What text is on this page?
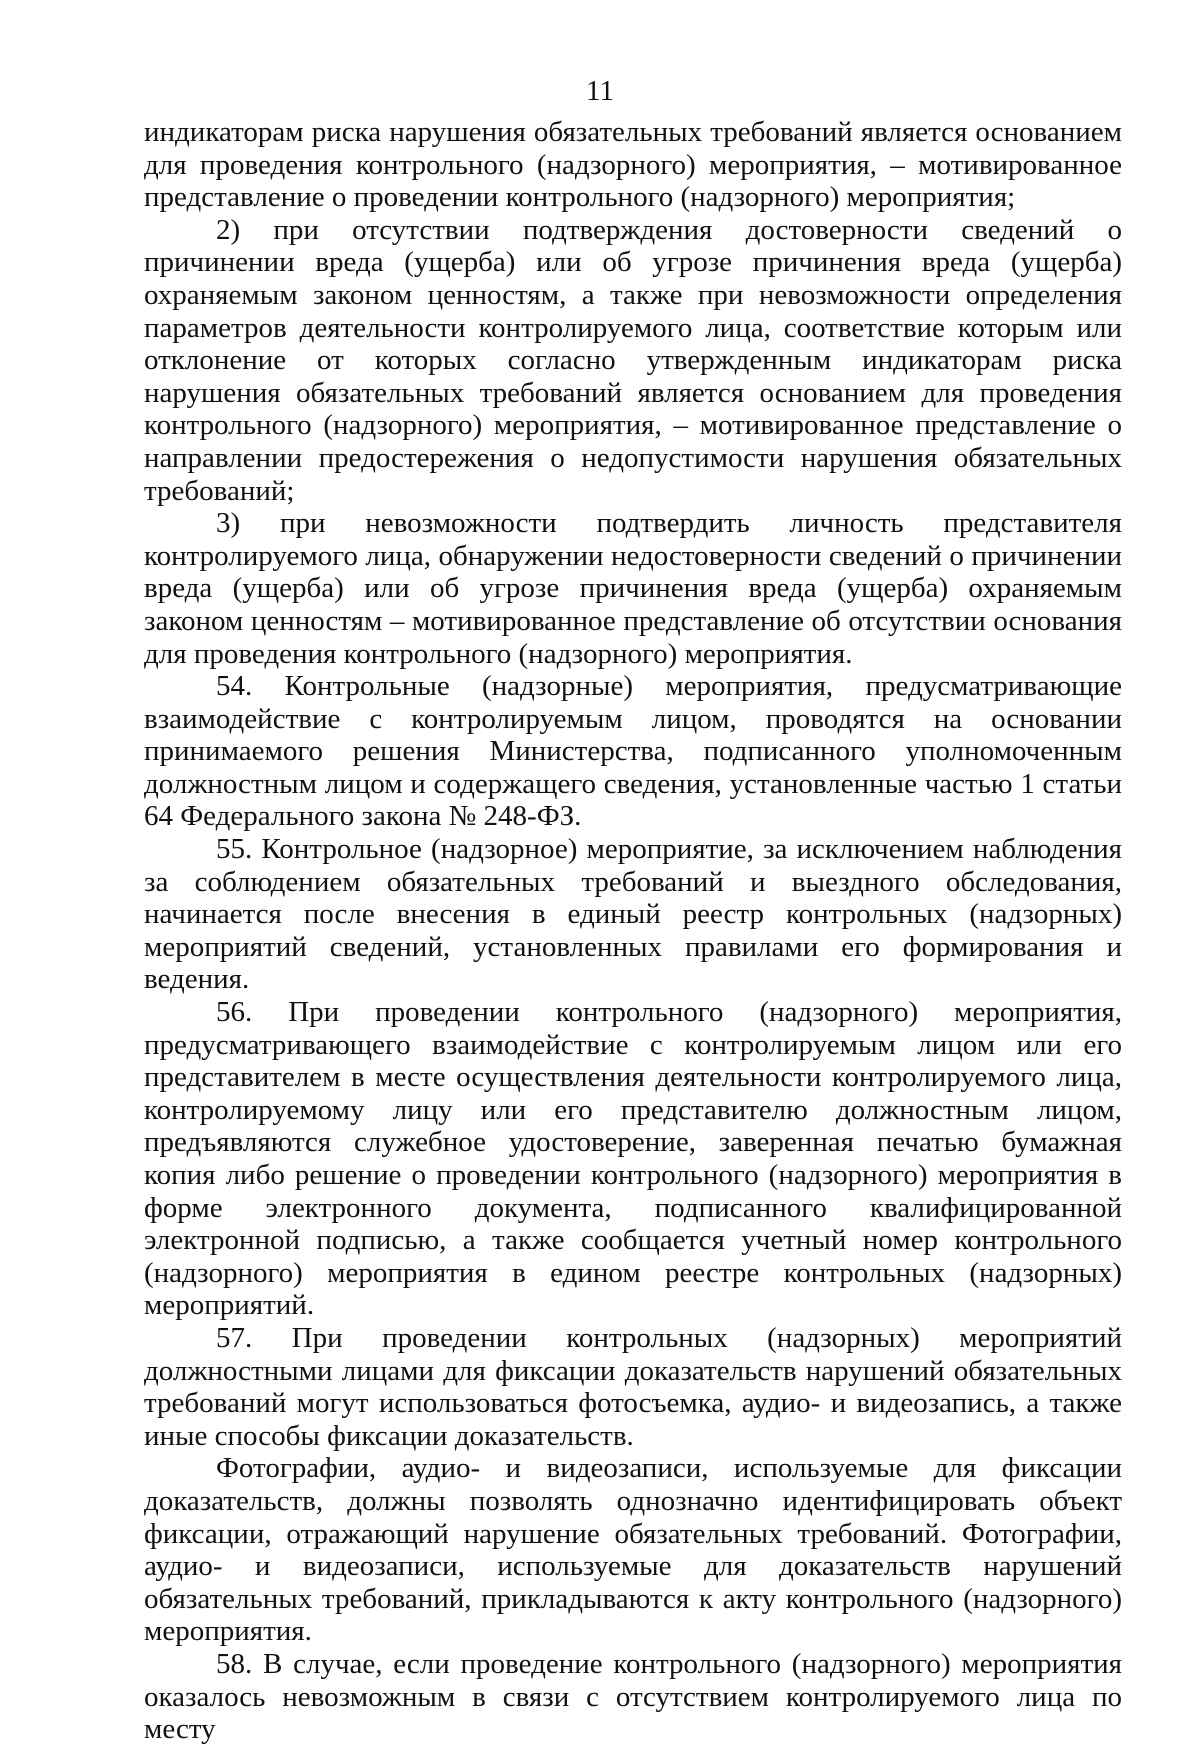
11

индикаторам риска нарушения обязательных требований является основанием для проведения контрольного (надзорного) мероприятия, – мотивированное представление о проведении контрольного (надзорного) мероприятия;

2) при отсутствии подтверждения достоверности сведений о причинении вреда (ущерба) или об угрозе причинения вреда (ущерба) охраняемым законом ценностям, а также при невозможности определения параметров деятельности контролируемого лица, соответствие которым или отклонение от которых согласно утвержденным индикаторам риска нарушения обязательных требований является основанием для проведения контрольного (надзорного) мероприятия, – мотивированное представление о направлении предостережения о недопустимости нарушения обязательных требований;

3) при невозможности подтвердить личность представителя контролируемого лица, обнаружении недостоверности сведений о причинении вреда (ущерба) или об угрозе причинения вреда (ущерба) охраняемым законом ценностям – мотивированное представление об отсутствии основания для проведения контрольного (надзорного) мероприятия.

54. Контрольные (надзорные) мероприятия, предусматривающие взаимодействие с контролируемым лицом, проводятся на основании принимаемого решения Министерства, подписанного уполномоченным должностным лицом и содержащего сведения, установленные частью 1 статьи 64 Федерального закона № 248-ФЗ.

55. Контрольное (надзорное) мероприятие, за исключением наблюдения за соблюдением обязательных требований и выездного обследования, начинается после внесения в единый реестр контрольных (надзорных) мероприятий сведений, установленных правилами его формирования и ведения.

56. При проведении контрольного (надзорного) мероприятия, предусматривающего взаимодействие с контролируемым лицом или его представителем в месте осуществления деятельности контролируемого лица, контролируемому лицу или его представителю должностным лицом, предъявляются служебное удостоверение, заверенная печатью бумажная копия либо решение о проведении контрольного (надзорного) мероприятия в форме электронного документа, подписанного квалифицированной электронной подписью, а также сообщается учетный номер контрольного (надзорного) мероприятия в едином реестре контрольных (надзорных) мероприятий.

57. При проведении контрольных (надзорных) мероприятий должностными лицами для фиксации доказательств нарушений обязательных требований могут использоваться фотосъемка, аудио- и видеозапись, а также иные способы фиксации доказательств.

Фотографии, аудио- и видеозаписи, используемые для фиксации доказательств, должны позволять однозначно идентифицировать объект фиксации, отражающий нарушение обязательных требований. Фотографии, аудио- и видеозаписи, используемые для доказательств нарушений обязательных требований, прикладываются к акту контрольного (надзорного) мероприятия.

58. В случае, если проведение контрольного (надзорного) мероприятия оказалось невозможным в связи с отсутствием контролируемого лица по месту
